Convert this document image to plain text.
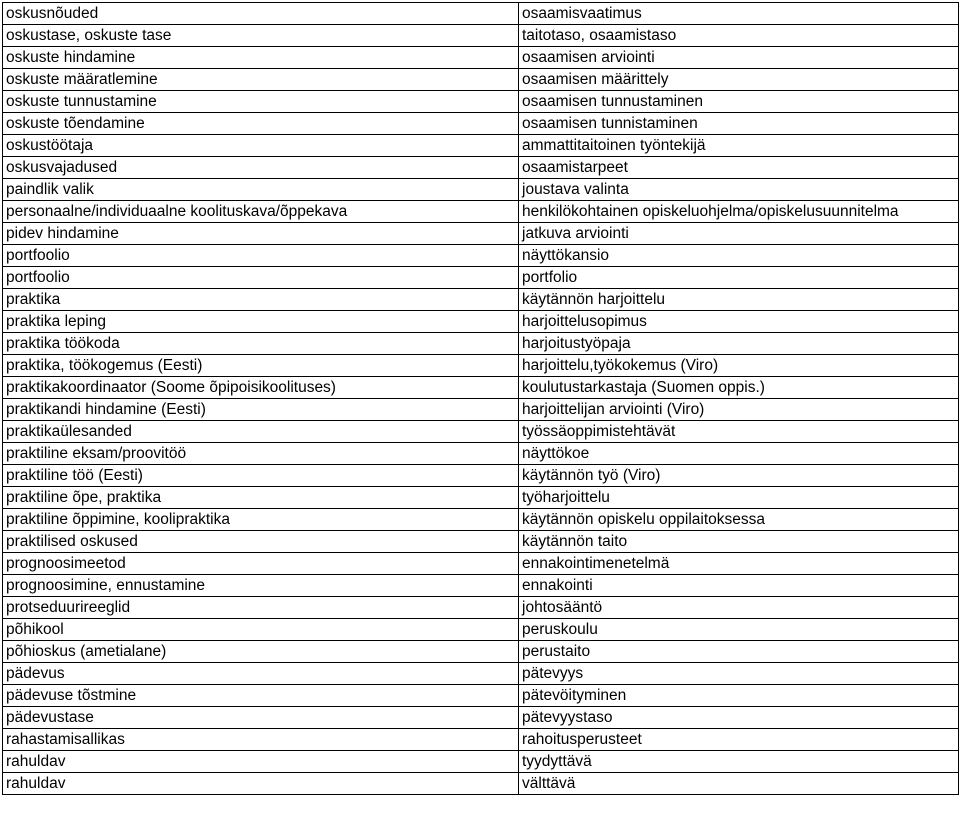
oskusnõuded	osaamisvaatimus
oskustase, oskuste tase	taitotaso, osaamistaso
oskuste hindamine	osaamisen arviointi
oskuste määratlemine	osaamisen määrittely
oskuste tunnustamine	osaamisen tunnustaminen
oskuste tõendamine	osaamisen tunnistaminen
oskustöötaja	ammattitaitoinen työntekijä
oskusvajadused	osaamistarpeet
paindlik valik	joustava valinta
personaalne/individuaalne koolituskava/õppekava	henkilökohtainen opiskeluohjelma/opiskelusuunnitelma
pidev hindamine	jatkuva arviointi
portfoolio	näyttökansio
portfoolio	portfolio
praktika	käytännön harjoittelu
praktika leping	harjoittelusopimus
praktika töökoda	harjoitustyöpaja
praktika, töökogemus (Eesti)	harjoittelu,työkokemus (Viro)
praktikakoordinaator (Soome õpipoisikoolituses)	koulutustarkastaja (Suomen oppis.)
praktikandi hindamine (Eesti)	harjoittelijan arviointi (Viro)
praktikaülesanded	työssäoppimistehtävät
praktiline eksam/proovitöö	näyttökoe
praktiline töö (Eesti)	käytännön työ (Viro)
praktiline õpe, praktika	työharjoittelu
praktiline õppimine, koolipraktika	käytännön opiskelu oppilaitoksessa
praktilised oskused	käytännön taito
prognoosimeetod	ennakointimenetelmä
prognoosimine, ennustamine	ennakointi
protseduurireeglid	johtosääntö
põhikool	peruskoulu
põhioskus (ametialane)	perustaito
pädevus	pätevyys
pädevuse tõstmine	pätevöityminen
pädevustase	pätevyystaso
rahastamisallikas	rahoitusperusteet
rahuldav	tyydyttävä
rahuldav	välttävä
